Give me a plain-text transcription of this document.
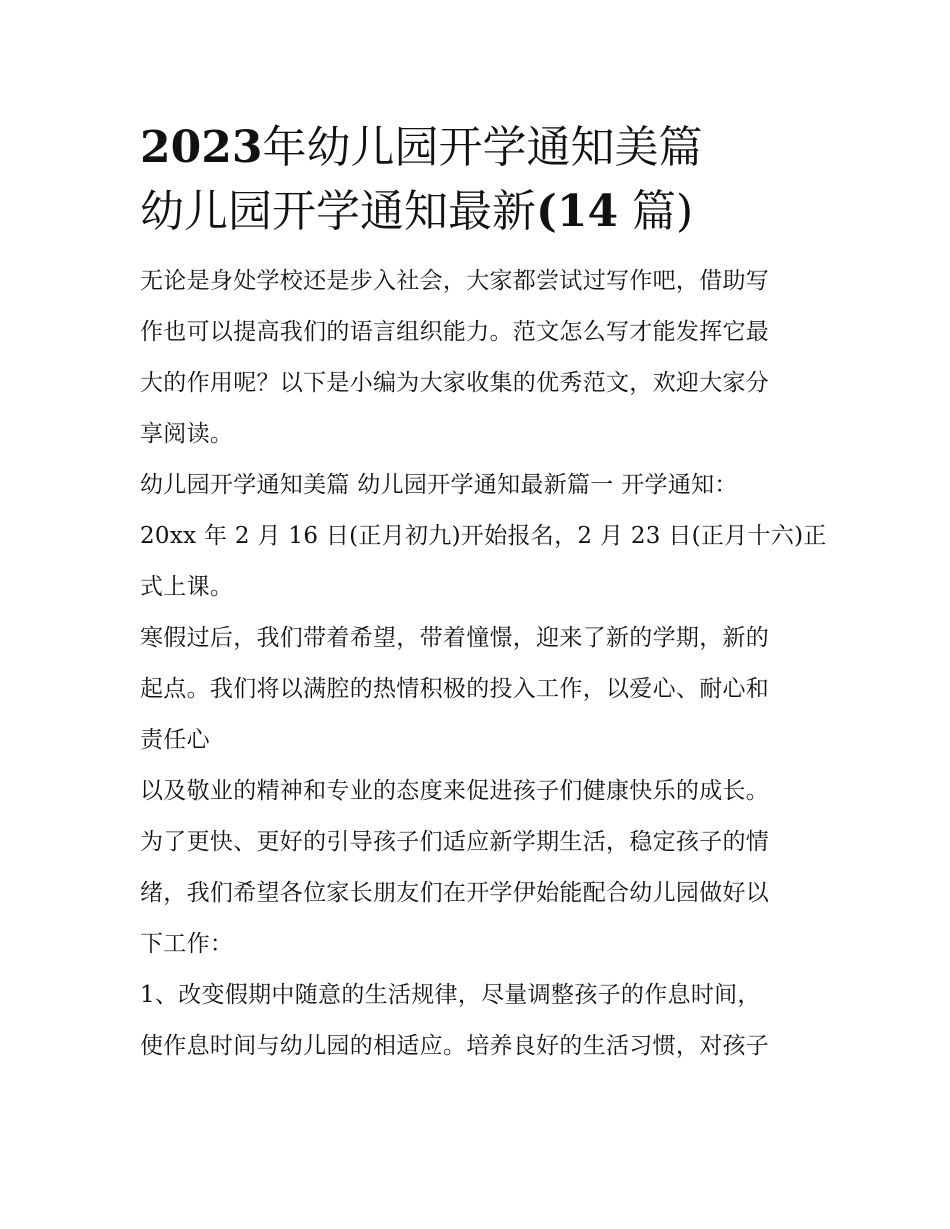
2023年幼儿园开学通知美篇
幼儿园开学通知最新(14 篇)

无论是身处学校还是步入社会，大家都尝试过写作吧，借助写
作也可以提高我们的语言组织能力。范文怎么写才能发挥它最
大的作用呢？以下是小编为大家收集的优秀范文，欢迎大家分
享阅读。

幼儿园开学通知美篇 幼儿园开学通知最新篇一 开学通知：

20xx 年 2 月 16 日(正月初九)开始报名，2 月 23 日(正月十六)正
式上课。

寒假过后，我们带着希望，带着憧憬，迎来了新的学期，新的
起点。我们将以满腔的热情积极的投入工作，以爱心、耐心和
责任心

以及敬业的精神和专业的态度来促进孩子们健康快乐的成长。
为了更快、更好的引导孩子们适应新学期生活，稳定孩子的情
绪，我们希望各位家长朋友们在开学伊始能配合幼儿园做好以
下工作：

1、改变假期中随意的生活规律，尽量调整孩子的作息时间，
使作息时间与幼儿园的相适应。培养良好的生活习惯，对孩子
